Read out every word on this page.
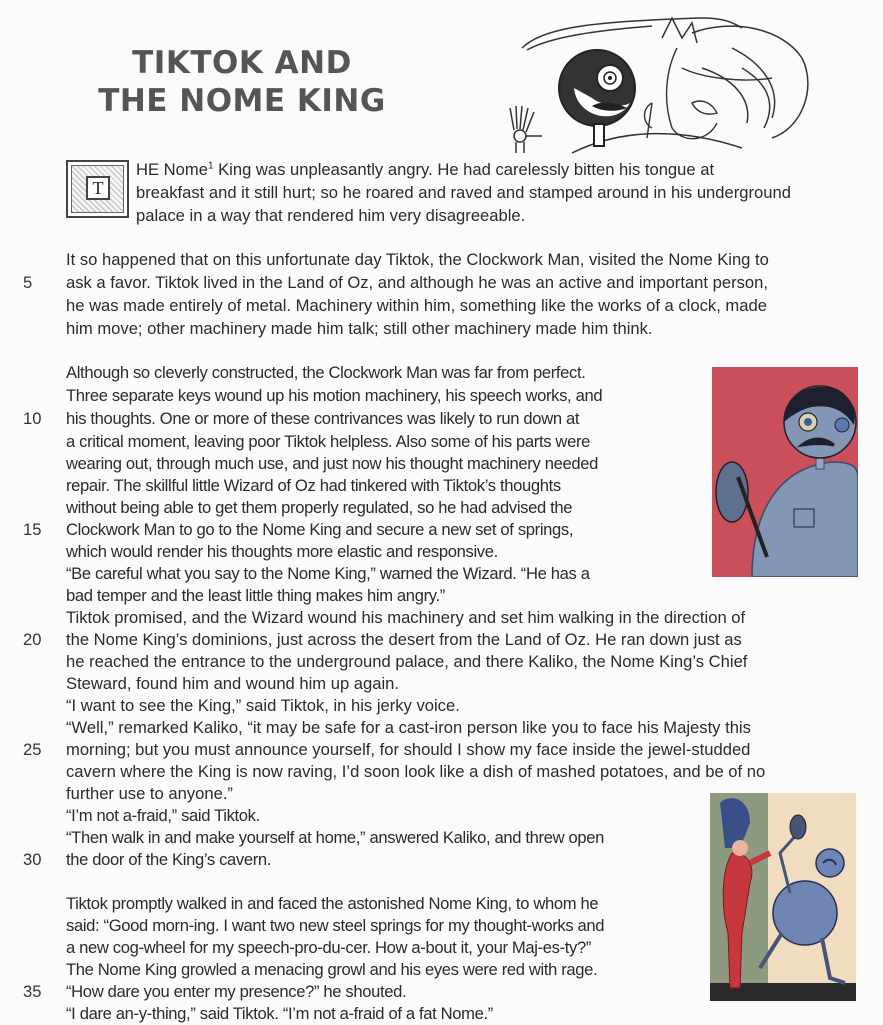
TIKTOK AND
THE NOME KING
T
HE Nome$^1$ King was unpleasantly angry. He had carelessly bitten his tongue at
breakfast and it still hurt; so he roared and raved and stamped around in his underground
palace in a way that rendered him very disagreeable.
It so happened that on this unfortunate day Tiktok, the Clockwork Man, visited the Nome King to
ask a favor. Tiktok lived in the Land of Oz, and although he was an active and important person,
he was made entirely of metal. Machinery within him, something like the works of a clock, made
him move; other machinery made him talk; still other machinery made him think.
Although so cleverly constructed, the Clockwork Man was far from perfect.
Three separate keys wound up his motion machinery, his speech works, and
his thoughts. One or more of these contrivances was likely to run down at
a critical moment, leaving poor Tiktok helpless. Also some of his parts were
wearing out, through much use, and just now his thought machinery needed
repair. The skillful little Wizard of Oz had tinkered with Tiktok’s thoughts
without being able to get them properly regulated, so he had advised the
Clockwork Man to go to the Nome King and secure a new set of springs,
which would render his thoughts more elastic and responsive.
“Be careful what you say to the Nome King,” warned the Wizard. “He has a
bad temper and the least little thing makes him angry.”
Tiktok promised, and the Wizard wound his machinery and set him walking in the direction of
the Nome King’s dominions, just across the desert from the Land of Oz. He ran down just as
he reached the entrance to the underground palace, and there Kaliko, the Nome King’s Chief
Steward, found him and wound him up again.
“I want to see the King,” said Tiktok, in his jerky voice.
“Well,” remarked Kaliko, “it may be safe for a cast-iron person like you to face his Majesty this
morning; but you must announce yourself, for should I show my face inside the jewel-studded
cavern where the King is now raving, I’d soon look like a dish of mashed potatoes, and be of no
further use to anyone.”
“I’m not a-fraid,” said Tiktok.
“Then walk in and make yourself at home,” answered Kaliko, and threw open
the door of the King’s cavern.
Tiktok promptly walked in and faced the astonished Nome King, to whom he
said: “Good morn-ing. I want two new steel springs for my thought-works and
a new cog-wheel for my speech-pro-du-cer. How a-bout it, your Maj-es-ty?”
The Nome King growled a menacing growl and his eyes were red with rage.
“How dare you enter my presence?” he shouted.
“I dare an-y-thing,” said Tiktok. “I’m not a-fraid of a fat Nome.”
5
10
15
20
25
30
35
